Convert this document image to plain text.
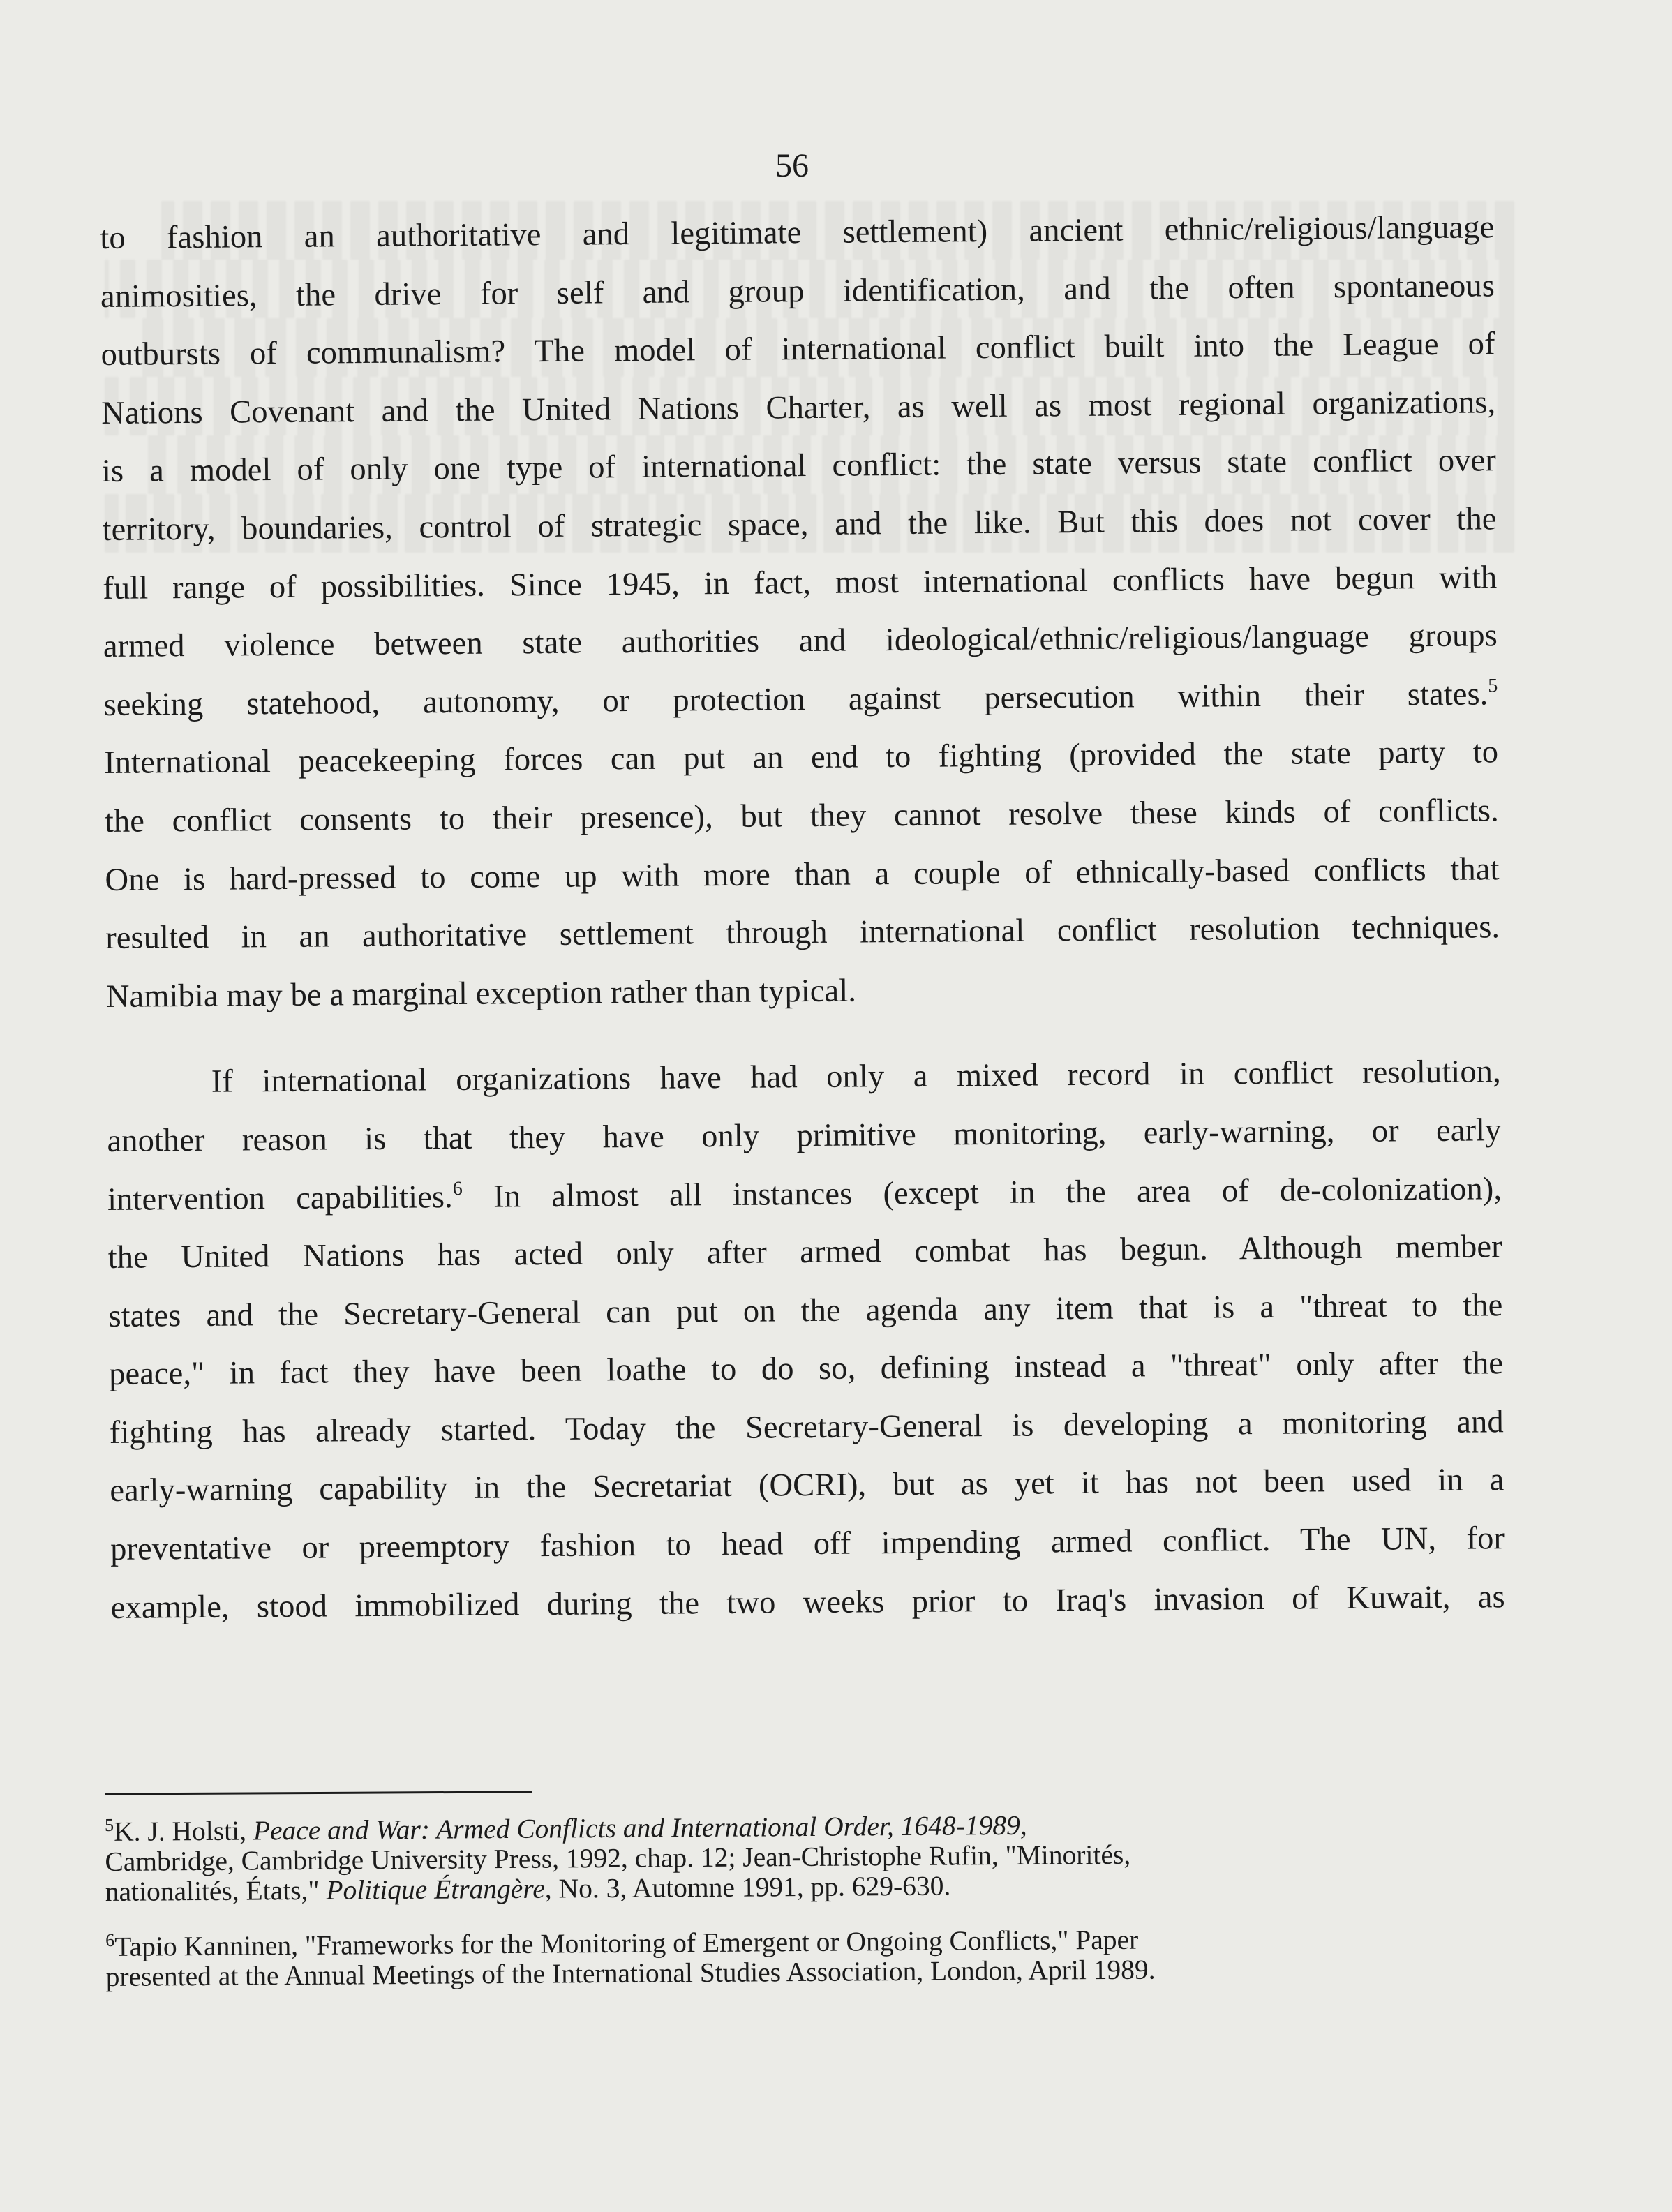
56

to fashion an authoritative and legitimate settlement) ancient ethnic/religious/language
animosities, the drive for self and group identification, and the often spontaneous
outbursts of communalism? The model of international conflict built into the League of
Nations Covenant and the United Nations Charter, as well as most regional organizations,
is a model of only one type of international conflict: the state versus state conflict over
territory, boundaries, control of strategic space, and the like. But this does not cover the
full range of possibilities. Since 1945, in fact, most international conflicts have begun with
armed violence between state authorities and ideological/ethnic/religious/language groups
seeking statehood, autonomy, or protection against persecution within their states.$^5$
International peacekeeping forces can put an end to fighting (provided the state party to
the conflict consents to their presence), but they cannot resolve these kinds of conflicts.
One is hard-pressed to come up with more than a couple of ethnically-based conflicts that
resulted in an authoritative settlement through international conflict resolution techniques.
Namibia may be a marginal exception rather than typical.

If international organizations have had only a mixed record in conflict resolution,
another reason is that they have only primitive monitoring, early-warning, or early
intervention capabilities.$^6$ In almost all instances (except in the area of de-colonization),
the United Nations has acted only after armed combat has begun. Although member
states and the Secretary-General can put on the agenda any item that is a "threat to the
peace," in fact they have been loathe to do so, defining instead a "threat" only after the
fighting has already started. Today the Secretary-General is developing a monitoring and
early-warning capability in the Secretariat (OCRI), but as yet it has not been used in a
preventative or preemptory fashion to head off impending armed conflict. The UN, for
example, stood immobilized during the two weeks prior to Iraq's invasion of Kuwait, as

$^5$K. J. Holsti, Peace and War: Armed Conflicts and International Order, 1648-1989,
Cambridge, Cambridge University Press, 1992, chap. 12; Jean-Christophe Rufin, "Minorités,
nationalités, États," Politique Étrangère, No. 3, Automne 1991, pp. 629-630.

$^6$Tapio Kanninen, "Frameworks for the Monitoring of Emergent or Ongoing Conflicts," Paper
presented at the Annual Meetings of the International Studies Association, London, April 1989.
